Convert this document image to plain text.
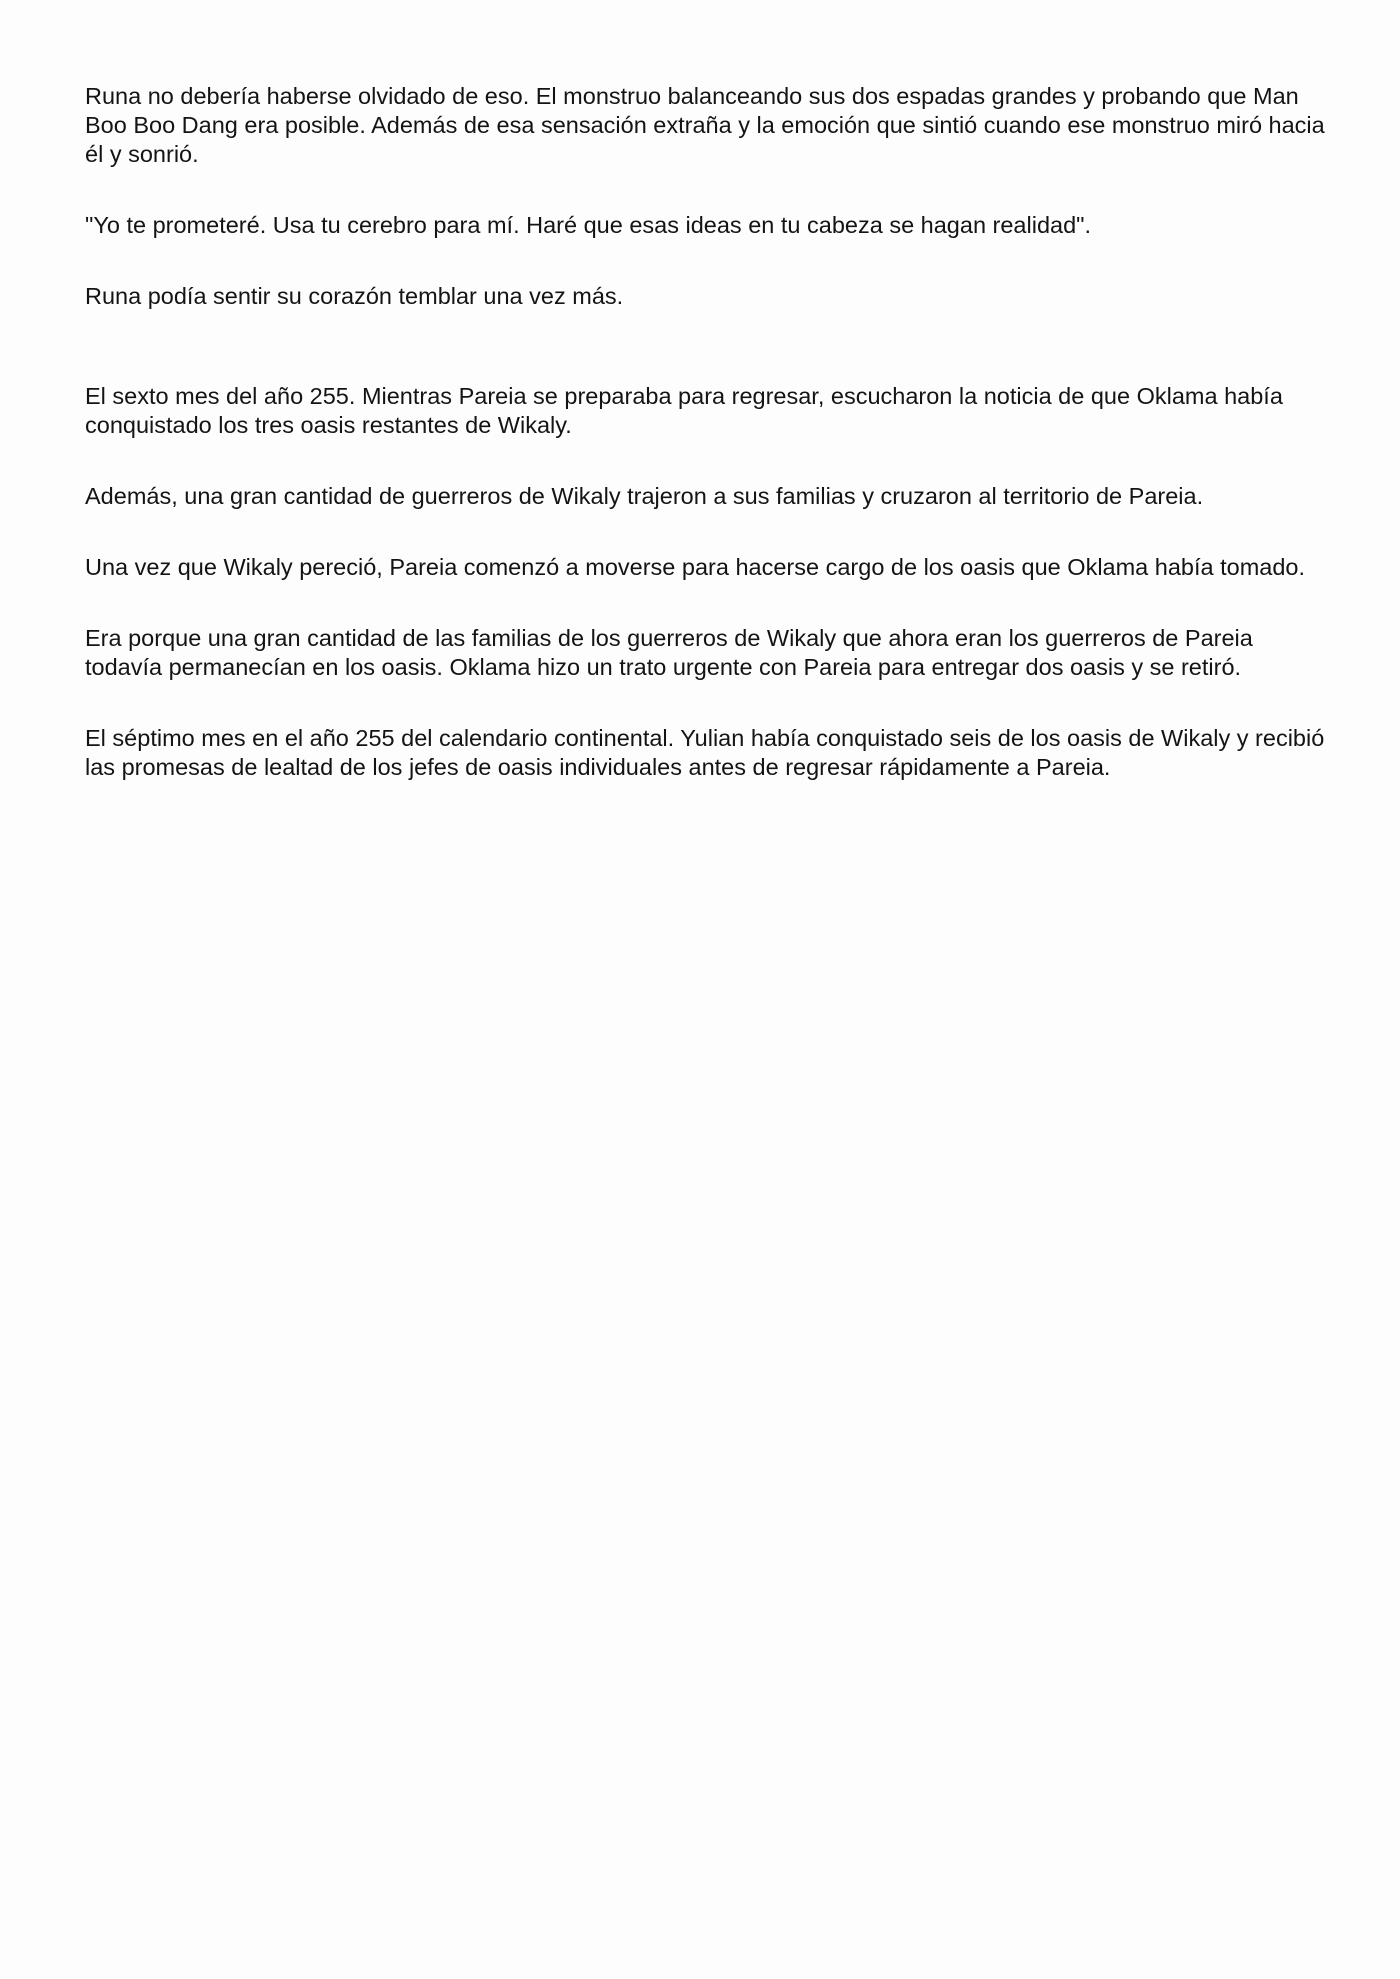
Runa no debería haberse olvidado de eso. El monstruo balanceando sus dos espadas grandes y probando que Man Boo Boo Dang era posible. Además de esa sensación extraña y la emoción que sintió cuando ese monstruo miró hacia él y sonrió.

"Yo te prometeré. Usa tu cerebro para mí. Haré que esas ideas en tu cabeza se hagan realidad".

Runa podía sentir su corazón temblar una vez más.

El sexto mes del año 255. Mientras Pareia se preparaba para regresar, escucharon la noticia de que Oklama había conquistado los tres oasis restantes de Wikaly.

Además, una gran cantidad de guerreros de Wikaly trajeron a sus familias y cruzaron al territorio de Pareia.

Una vez que Wikaly pereció, Pareia comenzó a moverse para hacerse cargo de los oasis que Oklama había tomado.

Era porque una gran cantidad de las familias de los guerreros de Wikaly que ahora eran los guerreros de Pareia todavía permanecían en los oasis. Oklama hizo un trato urgente con Pareia para entregar dos oasis y se retiró.

El séptimo mes en el año 255 del calendario continental. Yulian había conquistado seis de los oasis de Wikaly y recibió las promesas de lealtad de los jefes de oasis individuales antes de regresar rápidamente a Pareia.
